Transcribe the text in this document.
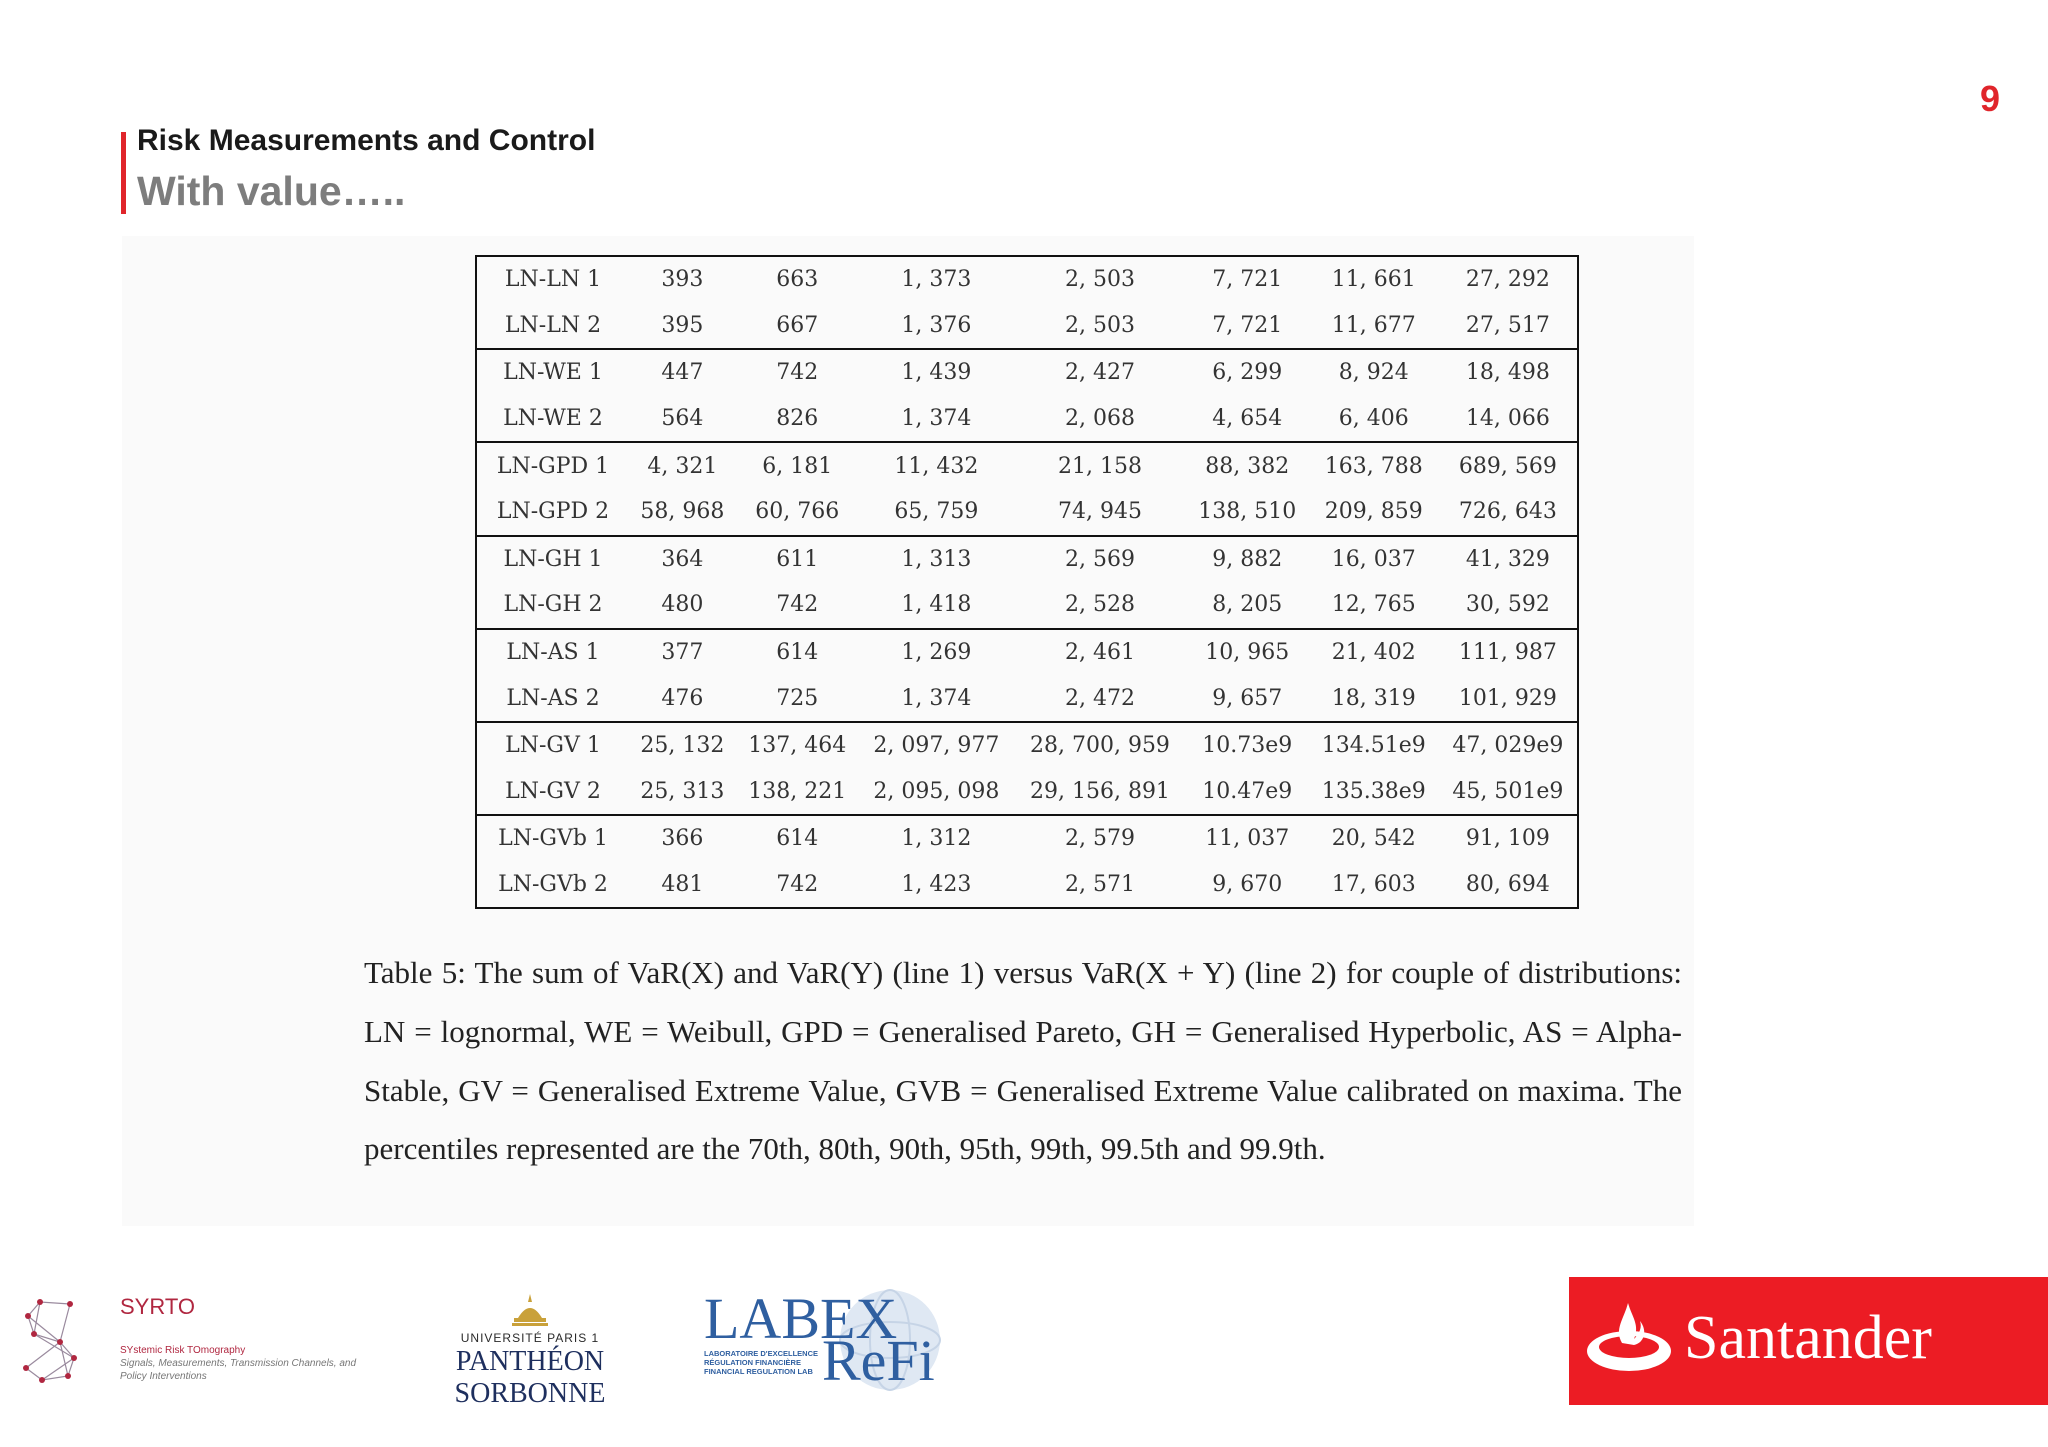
9
Risk Measurements and Control
With value…..
LN-LN 1	393	663	1, 373	2, 503	7, 721	11, 661	27, 292
LN-LN 2	395	667	1, 376	2, 503	7, 721	11, 677	27, 517
LN-WE 1	447	742	1, 439	2, 427	6, 299	8, 924	18, 498
LN-WE 2	564	826	1, 374	2, 068	4, 654	6, 406	14, 066
LN-GPD 1	4, 321	6, 181	11, 432	21, 158	88, 382	163, 788	689, 569
LN-GPD 2	58, 968	60, 766	65, 759	74, 945	138, 510	209, 859	726, 643
LN-GH 1	364	611	1, 313	2, 569	9, 882	16, 037	41, 329
LN-GH 2	480	742	1, 418	2, 528	8, 205	12, 765	30, 592
LN-AS 1	377	614	1, 269	2, 461	10, 965	21, 402	111, 987
LN-AS 2	476	725	1, 374	2, 472	9, 657	18, 319	101, 929
LN-GV 1	25, 132	137, 464	2, 097, 977	28, 700, 959	10.73e9	134.51e9	47, 029e9
LN-GV 2	25, 313	138, 221	2, 095, 098	29, 156, 891	10.47e9	135.38e9	45, 501e9
LN-GVb 1	366	614	1, 312	2, 579	11, 037	20, 542	91, 109
LN-GVb 2	481	742	1, 423	2, 571	9, 670	17, 603	80, 694
Table 5: The sum of VaR(X) and VaR(Y) (line 1) versus VaR(X + Y) (line 2) for couple of distributions: LN = lognormal, WE = Weibull, GPD = Generalised Pareto, GH = Generalised Hyperbolic, AS = Alpha-Stable, GV = Generalised Extreme Value, GVB = Generalised Extreme Value calibrated on maxima. The percentiles represented are the 70th, 80th, 90th, 95th, 99th, 99.5th and 99.9th.
SYRTO
SYstemic Risk TOmography
Signals, Measurements, Transmission Channels, and Policy Interventions
UNIVERSITÉ PARIS 1
PANTHÉON SORBONNE
LABEX
LABORATOIRE D'EXCELLENCE RÉGULATION FINANCIÈRE FINANCIAL REGULATION LAB ReFi	Santander
